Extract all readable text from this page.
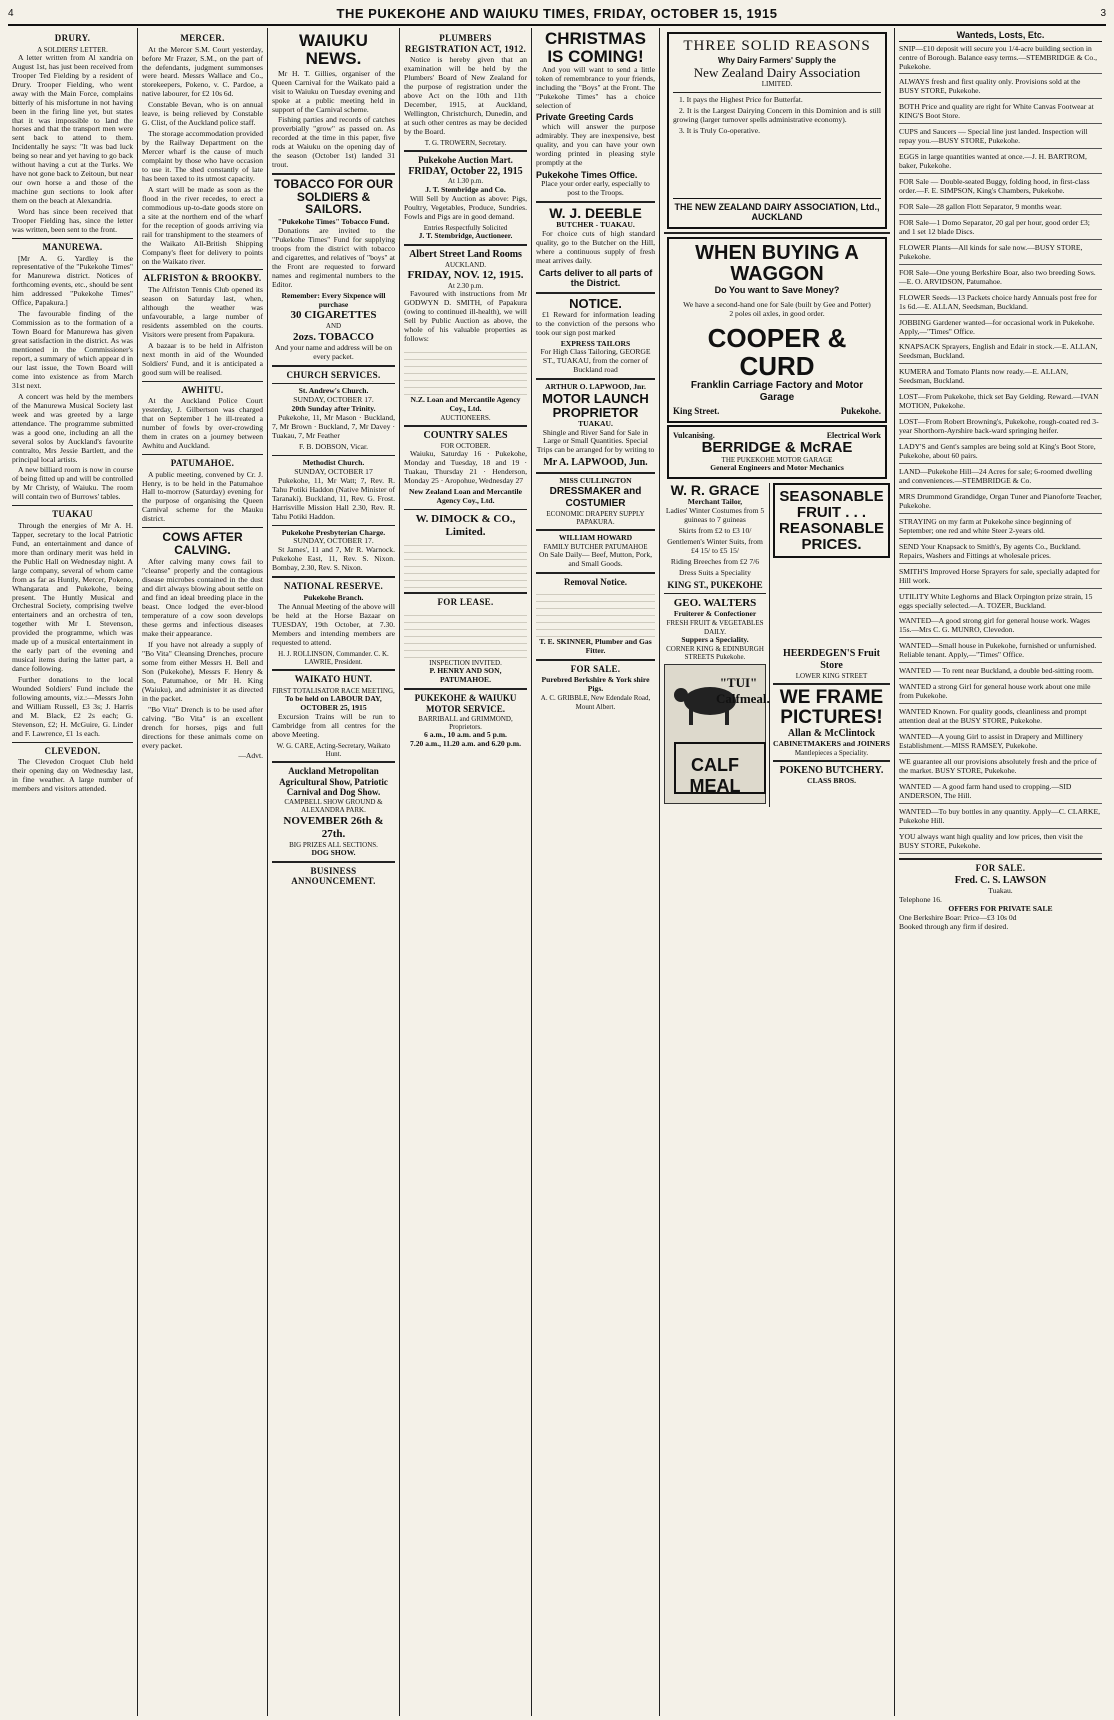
4	THE PUKEKOHE AND WAIUKU TIMES, FRIDAY, OCTOBER 15, 1915	3
DRURY.
A SOLDIERS' LETTER.

A letter written from Al xandria on August 1st, has just been received from Trooper Ted Fielding by a resident of Drury. Trooper Fielding, who went away with the Main Force, complains bitterly of his misfortune in not having been in the firing line yet, but states that it was impossible to land the horses and that the transport men were sent back to attend to them. Incidentally he says: "It was bad luck being so near and yet having to go back without having a cut at the Turks. We have not gone back to Zeitoun, but near our own horse a and those of the machine gun sections to look after them on the beach at Alexandria.

Word has since been received that Trooper Fielding has, since the letter was written, been sent to the front.

MANUREWA.

[Mr A. G. Yardley is the representative of the "Pukekohe Times" for Manurewa district. Notices of forthcoming events, etc., should be sent him addressed "Pukekohe Times" Office, Papakura.]

The favourable finding of the Commission as to the formation of a Town Board for Manurewa has given great satisfaction in the district. As was mentioned in the Commissioner's report, a summary of which appear d in our last issue, the Town Board will come into existence as from March 31st next.

A concert was held by the members of the Manurewa Musical Society last week and was greeted by a large attendance. The programme submitted was a good one, including an all the several solos by Auckland's favourite contralto, Mrs Jessie Bartlett, and the principal local artists.

A new billiard room is now in course of being fitted up and will be controlled by Mr Christy, of Waiuku. The room will contain two of Burrows' tables.

TUAKAU

Through the energies of Mr A. H. Tapper, secretary to the local Patriotic Fund, an entertainment and dance of more than ordinary merit was held in the Public Hall on Wednesday night. A large company, several of whom came from as far as Huntly, Mercer, Pokeno, Whangarata and Pukekohe, being present. The Huntly Musical and Orchestral Society, comprising twelve entertainers and an orchestra of ten, together with Mr I. Stevenson, provided the programme, which was made up of a musical entertainment in the early part of the evening and musical items during the latter part, a dance following.

Further donations to the local Wounded Soldiers' Fund include the following amounts, viz.:—Messrs John and William Russell, £3 3s; J. Harris and M. Black, £2 2s each; G. Stevenson, £2; H. McGuire, G. Linder and F. Lawrence, £1 1s each.

CLEVEDON.

The Clevedon Croquet Club held their opening day on Wednesday last, in fine weather. A large number of members and visitors attended.

MERCER.

At the Mercer S.M. Court yesterday, before Mr Frazer, S.M., on the part of the defendants, judgment summonses were heard. Messrs Wallace and Co., storekeepers, Pokeno, v. C. Pardoe, a native labourer, for £2 10s 6d.

Constable Bevan, who is on annual leave, is being relieved by Constable G. Clist, of the Auckland police staff.

The storage accommodation provided by the Railway Department on the Mercer wharf is the cause of much complaint by those who have occasion to use it. The shed constantly of late has been taxed to its utmost capacity.

A start will be made as soon as the flood in the river recedes, to erect a commodious up-to-date goods store on a site at the northern end of the wharf for the reception of goods arriving via rail for transhipment to the steamers of the Waikato All-British Shipping Company's fleet for delivery to points on the Waikato river.

ALFRISTON & BROOKBY.

The Alfriston Tennis Club opened its season on Saturday last, when, although the weather was unfavourable, a large number of residents assembled on the courts. Visitors were present from Papakura.

A bazaar is to be held in Alfriston next month in aid of the Wounded Soldiers' Fund, and it is anticipated a good sum will be realised.

AWHITU.

At the Auckland Police Court yesterday, J. Gilbertson was charged that on September 1 he ill-treated a number of fowls by over-crowding them in crates on a journey between Awhitu and Auckland.

PATUMAHOE.

A public meeting, convened by Cr. J. Henry, is to be held in the Patumahoe Hall to-morrow (Saturday) evening for the purpose of organising the Queen Carnival scheme for the Mauku district.

COWS AFTER CALVING.

After calving many cows fail to "cleanse" properly and the contagious disease microbes contained in the dust and dirt always blowing about settle on and find an ideal breeding place in the beast. Once lodged the ever-blood temperature of a cow soon develops these germs and infectious diseases make their appearance.

If you have not already a supply of "Bo Vita" Cleansing Drenches, procure some from either Messrs H. Bell and Son (Pukekohe), Messrs F. Henry & Son, Patumahoe, or Mr H. King (Waiuku), and administer it as directed in the packet.

"Bo Vita" Drench is to be used after calving. "Bo Vita" is an excellent drench for horses, pigs and full directions for these animals come on every packet.

—Advt.
WAIUKU NEWS.

Mr H. T. Gillies, organiser of the Queen Carnival for the Waikato paid a visit to Waiuku on Tuesday evening and spoke at a public meeting held in support of the Carnival scheme.

Fishing parties and records of catches proverbially "grow" as passed on. As recorded at the time in this paper, five rods at Waiuku on the opening day of the season (October 1st) landed 31 trout.

TOBACCO FOR OUR SOLDIERS & SAILORS.
"Pukekohe Times" Tobacco Fund.

Donations are invited to the "Pukekohe Times" Fund for supplying troops from the district with tobacco and cigarettes, and relatives of "boys" at the Front are requested to forward names and regimental numbers to the Editor.

Remember: Every Sixpence will purchase
30 CIGARETTES
AND
2ozs. TOBACCO

And your name and address will be on every packet.

CHURCH SERVICES.
St. Andrew's Church.
SUNDAY, OCTOBER 17.
20th Sunday after Trinity.

Pukekohe, 11, Mr Mason · Buckland, 7, Mr Brown · Buckland, 7, Mr Davey · Tuakau, 7, Mr Feather

F. B. DOBSON, Vicar.
Methodist Church.
SUNDAY, OCTOBER 17

Pukekohe, 11, Mr Watt; 7, Rev. R. Tahu Potiki Haddon (Native Minister of Taranaki). Buckland, 11, Rev. G. Frost. Harrisville Mission Hall 2.30, Rev. R. Tahu Potiki Haddon.

Pukekohe Presbyterian Charge.
SUNDAY, OCTOBER 17.

St James', 11 and 7, Mr R. Warnock. Pukekohe East, 11, Rev. S. Nixon. Bombay, 2.30, Rev. S. Nixon.

NATIONAL RESERVE.
Pukekohe Branch.

The Annual Meeting of the above will be held at the Horse Bazaar on TUESDAY, 19th October, at 7.30. Members and intending members are requested to attend.

H. J. ROLLINSON, Commander. C. K. LAWRIE, President.
WAIKATO HUNT.
FIRST TOTALISATOR RACE MEETING,
To be held on LABOUR DAY, OCTOBER 25, 1915

Excursion Trains will be run to Cambridge from all centres for the above Meeting.

W. G. CARE, Acting-Secretary, Waikato Hunt.
Auckland Metropolitan Agricultural Show, Patriotic Carnival and Dog Show.
CAMPBELL SHOW GROUND & ALEXANDRA PARK.
NOVEMBER 26th & 27th.
BIG PRIZES ALL SECTIONS.
DOG SHOW.
BUSINESS ANNOUNCEMENT.
PLUMBERS REGISTRATION ACT, 1912.

Notice is hereby given that an examination will be held by the Plumbers' Board of New Zealand for the purpose of registration under the above Act on the 10th and 11th December, 1915, at Auckland, Wellington, Christchurch, Dunedin, and at such other centres as may be decided by the Board.

T. G. TROWERN, Secretary.
Pukekohe Auction Mart.
FRIDAY, October 22, 1915
At 1.30 p.m.
J. T. Stembridge and Co.

Will Sell by Auction as above: Pigs, Poultry, Vegetables, Produce, Sundries. Fowls and Pigs are in good demand.

Entries Respectfully Solicited
J. T. Stembridge, Auctioneer.
Albert Street Land Rooms
AUCKLAND.
FRIDAY, NOV. 12, 1915.
At 2.30 p.m.

Favoured with instructions from Mr GODWYN D. SMITH, of Papakura (owing to continued ill-health), we will Sell by Public Auction as above, the whole of his valuable properties as follows:

N.Z. Loan and Mercantile Agency Coy., Ltd.
AUCTIONEERS.
COUNTRY SALES
FOR OCTOBER.

Waiuku, Saturday 16 · Pukekohe, Monday and Tuesday, 18 and 19 · Tuakau, Thursday 21 · Henderson, Monday 25 · Aropohue, Wednesday 27

New Zealand Loan and Mercantile Agency Coy., Ltd.
W. DIMOCK & CO., Limited.
FOR LEASE.
INSPECTION INVITED.
P. HENRY AND SON, PATUMAHOE.
PUKEKOHE & WAIUKU MOTOR SERVICE.
BARRIBALL and GRIMMOND, Proprietors.
6 a.m., 10 a.m. and 5 p.m.
7.20 a.m., 11.20 a.m. and 6.20 p.m.
CHRISTMAS IS COMING!

And you will want to send a little token of remembrance to your friends, including the "Boys" at the Front. The "Pukekohe Times" has a choice selection of

Private Greeting Cards

which will answer the purpose admirably. They are inexpensive, best quality, and you can have your own wording printed in pleasing style promptly at the

Pukekohe Times Office.

Place your order early, especially to post to the Troops.

W. J. DEEBLE
BUTCHER - TUAKAU.

For choice cuts of high standard quality, go to the Butcher on the Hill, where a continuous supply of fresh meat arrives daily.

Carts deliver to all parts of the District.
NOTICE.

£1 Reward for information leading to the conviction of the persons who took our sign post marked

EXPRESS TAILORS

For High Class Tailoring, GEORGE ST., TUAKAU, from the corner of Buckland road

ARTHUR O. LAPWOOD, Jnr.
MOTOR LAUNCH PROPRIETOR
TUAKAU.

Shingle and River Sand for Sale in Large or Small Quantities. Special Trips can be arranged for by writing to

Mr A. LAPWOOD, Jun.
MISS CULLINGTON
DRESSMAKER and COSTUMIER
ECONOMIC DRAPERY SUPPLY PAPAKURA.
WILLIAM HOWARD
FAMILY BUTCHER PATUMAHOE

On Sale Daily— Beef, Mutton, Pork, and Small Goods.

Removal Notice.
T. E. SKINNER, Plumber and Gas Fitter.
FOR SALE.
Purebred Berkshire & York shire Pigs.
A. C. GRIBBLE, New Edendale Road, Mount Albert.
THREE SOLID REASONS
Why Dairy Farmers' Supply the
New Zealand Dairy Association
LIMITED.

1. It pays the Highest Price for Butterfat.

2. It is the Largest Dairying Concern in this Dominion and is still growing (larger turnover spells administrative economy).

3. It is Truly Co-operative.

THE NEW ZEALAND DAIRY ASSOCIATION, Ltd., AUCKLAND
WHEN BUYING A WAGGON
Do You want to Save Money?

We have a second-hand one for Sale (built by Gee and Potter) 2 poles oil axles, in good order.

COOPER & CURD
Franklin Carriage Factory and Motor Garage
King Street.	Pukekohe.
Vulcanising.	Electrical Work
BERRIDGE & McRAE
THE PUKEKOHE MOTOR GARAGE
General Engineers and Motor Mechanics
W. R. GRACE
Merchant Tailor,

Ladies' Winter Costumes from 5 guineas to 7 guineas

Skirts from £2 to £3 10/

Gentlemen's Winter Suits, from £4 15/ to £5 15/

Riding Breeches from £2 7/6

Dress Suits a Speciality

KING ST., PUKEKOHE
GEO. WALTERS
Fruiterer & Confectioner
FRESH FRUIT & VEGETABLES DAILY.
Suppers a Speciality.
CORNER KING & EDINBURGH STREETS Pukekohe.
"TUI" Calfmeal.
CALF MEAL
SEASONABLE FRUIT . . . REASONABLE PRICES.
HEERDEGEN'S Fruit Store
LOWER KING STREET
WE FRAME PICTURES!
Allan & McClintock
CABINETMAKERS and JOINERS
Mantlepieces a Speciality.
POKENO BUTCHERY.
CLASS BROS.
Wanteds, Losts, Etc.
SNIP—£10 deposit will secure you 1/4-acre building section in centre of Borough. Balance easy terms.—STEMBRIDGE & Co., Pukekohe.
ALWAYS fresh and first quality only. Provisions sold at the BUSY STORE, Pukekohe.
BOTH Price and quality are right for White Canvas Footwear at KING'S Boot Store.
CUPS and Saucers — Special line just landed. Inspection will repay you.—BUSY STORE, Pukekohe.
EGGS in large quantities wanted at once.—J. H. BARTROM, baker, Pukekohe.
FOR Sale — Double-seated Buggy, folding hood, in first-class order.—F. E. SIMPSON, King's Chambers, Pukekohe.
FOR Sale—28 gallon Flott Separator, 9 months wear.
FOR Sale—1 Domo Separator, 20 gal per hour, good order £3; and 1 set 12 blade Discs.
FLOWER Plants—All kinds for sale now.—BUSY STORE, Pukekohe.
FOR Sale—One young Berkshire Boar, also two breeding Sows.—E. O. ARVIDSON, Patumahoe.
FLOWER Seeds—13 Packets choice hardy Annuals post free for 1s 6d.—E. ALLAN, Seedsman, Buckland.
JOBBING Gardener wanted—for occasional work in Pukekohe. Apply,—"Times" Office.
KNAPSACK Sprayers, English and Edair in stock.—E. ALLAN, Seedsman, Buckland.
KUMERA and Tomato Plants now ready.—E. ALLAN, Seedsman, Buckland.
LOST—From Pukekohe, thick set Bay Gelding. Reward.—IVAN MOTION, Pukekohe.
LOST—From Robert Browning's, Pukekohe, rough-coated red 3-year Shorthorn-Ayrshire back-ward springing heifer.
LADY'S and Gent's samples are being sold at King's Boot Store, Pukekohe, about 60 pairs.
LAND—Pukekohe Hill—24 Acres for sale; 6-roomed dwelling and conveniences.—STEMBRIDGE & Co.
MRS Drummond Grandidge, Organ Tuner and Pianoforte Teacher, Pukekohe.
STRAYING on my farm at Pukekohe since beginning of September; one red and white Steer 2-years old.
SEND Your Knapsack to Smith's, By agents Co., Buckland. Repairs, Washers and Fittings at wholesale prices.
SMITH'S Improved Horse Sprayers for sale, specially adapted for Hill work.
UTILITY White Leghorns and Black Orpington prize strain, 15 eggs specially selected.—A. TOZER, Buckland.
WANTED—A good strong girl for general house work. Wages 15s.—Mrs C. G. MUNRO, Clevedon.
WANTED—Small house in Pukekohe, furnished or unfurnished. Reliable tenant. Apply,—"Times" Office.
WANTED — To rent near Buckland, a double bed-sitting room.
WANTED a strong Girl for general house work about one mile from Pukekohe.
WANTED Known. For quality goods, cleanliness and prompt attention deal at the BUSY STORE, Pukekohe.
WANTED—A young Girl to assist in Drapery and Millinery Establishment.—MISS RAMSEY, Pukekohe.
WE guarantee all our provisions absolutely fresh and the price of the market. BUSY STORE, Pukekohe.
WANTED — A good farm hand used to cropping.—SID ANDERSON, The Hill.
WANTED—To buy bottles in any quantity. Apply—C. CLARKE, Pukekohe Hill.
YOU always want high quality and low prices, then visit the BUSY STORE, Pukekohe.
FOR SALE.
Fred. C. S. LAWSON
Tuakau.
Telephone 16.
OFFERS FOR PRIVATE SALE
One Berkshire Boar: Price—£3 10s 0d
Booked through any firm if desired.
